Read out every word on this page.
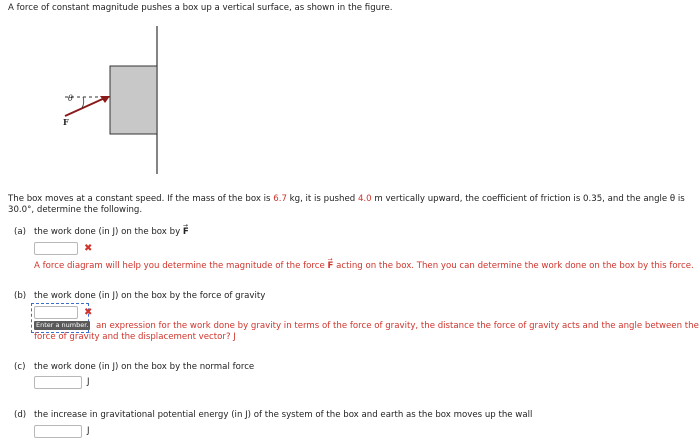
A force of constant magnitude pushes a box up a vertical surface, as shown in the figure.
θ
F
The box moves at a constant speed. If the mass of the box is 6.7 kg, it is pushed 4.0 m vertically upward, the coefficient of friction is 0.35, and the angle θ is
30.0°, determine the following.
(a) the work done (in J) on the box by → F
✖
A force diagram will help you determine the magnitude of the force → F acting on the box. Then you can determine the work done on the box by this force.
(b) the work done (in J) on the box by the force of gravity
✖
Enter a number. an expression for the work done by gravity in terms of the force of gravity, the distance the force of gravity acts and the angle between the
force of gravity and the displacement vector? J
(c) the work done (in J) on the box by the normal force
J
(d) the increase in gravitational potential energy (in J) of the system of the box and earth as the box moves up the wall
J
